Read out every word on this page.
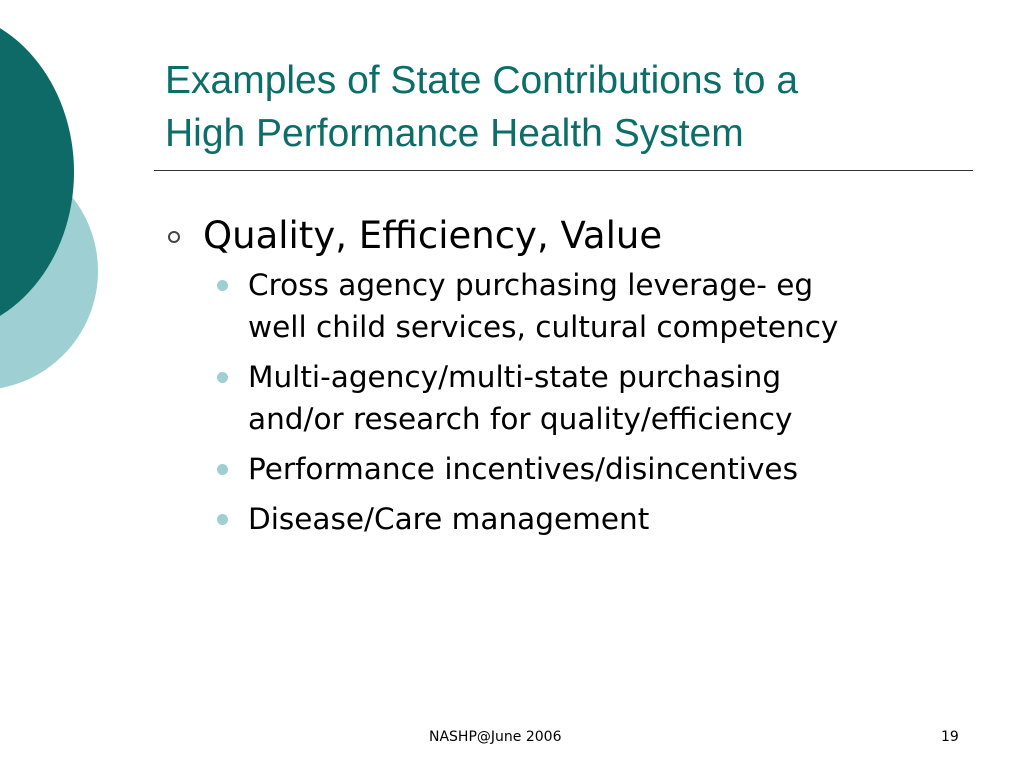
Examples of State Contributions to a
High Performance Health System
Quality, Efficiency, Value
Cross agency purchasing leverage- eg
well child services, cultural competency
Multi-agency/multi-state purchasing
and/or research for quality/efficiency
Performance incentives/disincentives
Disease/Care management
NASHP@June 2006	19
